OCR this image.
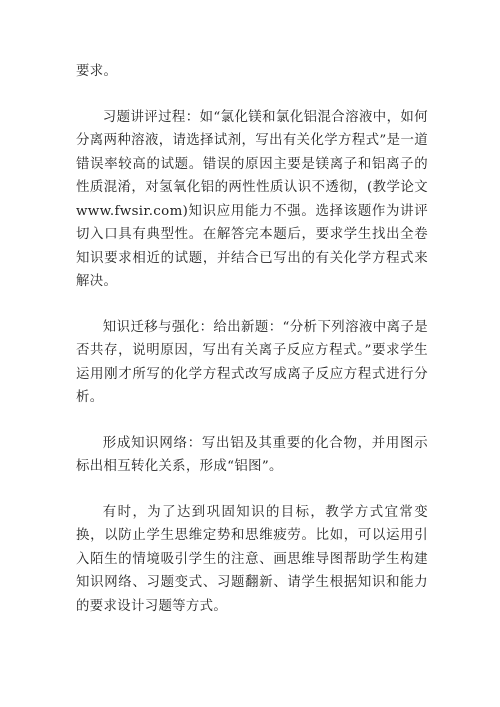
要求。

习题讲评过程：如“氯化镁和氯化铝混合溶液中，如何分离两种溶液，请选择试剂，写出有关化学方程式”是一道错误率较高的试题。错误的原因主要是镁离子和铝离子的性质混淆，对氢氧化铝的两性性质认识不透彻，(教学论文www.fwsir.com)知识应用能力不强。选择该题作为讲评切入口具有典型性。在解答完本题后，要求学生找出全卷知识要求相近的试题，并结合已写出的有关化学方程式来解决。

知识迁移与强化：给出新题：“分析下列溶液中离子是否共存，说明原因，写出有关离子反应方程式。”要求学生运用刚才所写的化学方程式改写成离子反应方程式进行分析。

形成知识网络：写出铝及其重要的化合物，并用图示标出相互转化关系，形成“铝图”。

有时，为了达到巩固知识的目标，教学方式宜常变换，以防止学生思维定势和思维疲劳。比如，可以运用引入陌生的情境吸引学生的注意、画思维导图帮助学生构建知识网络、习题变式、习题翻新、请学生根据知识和能力的要求设计习题等方式。
